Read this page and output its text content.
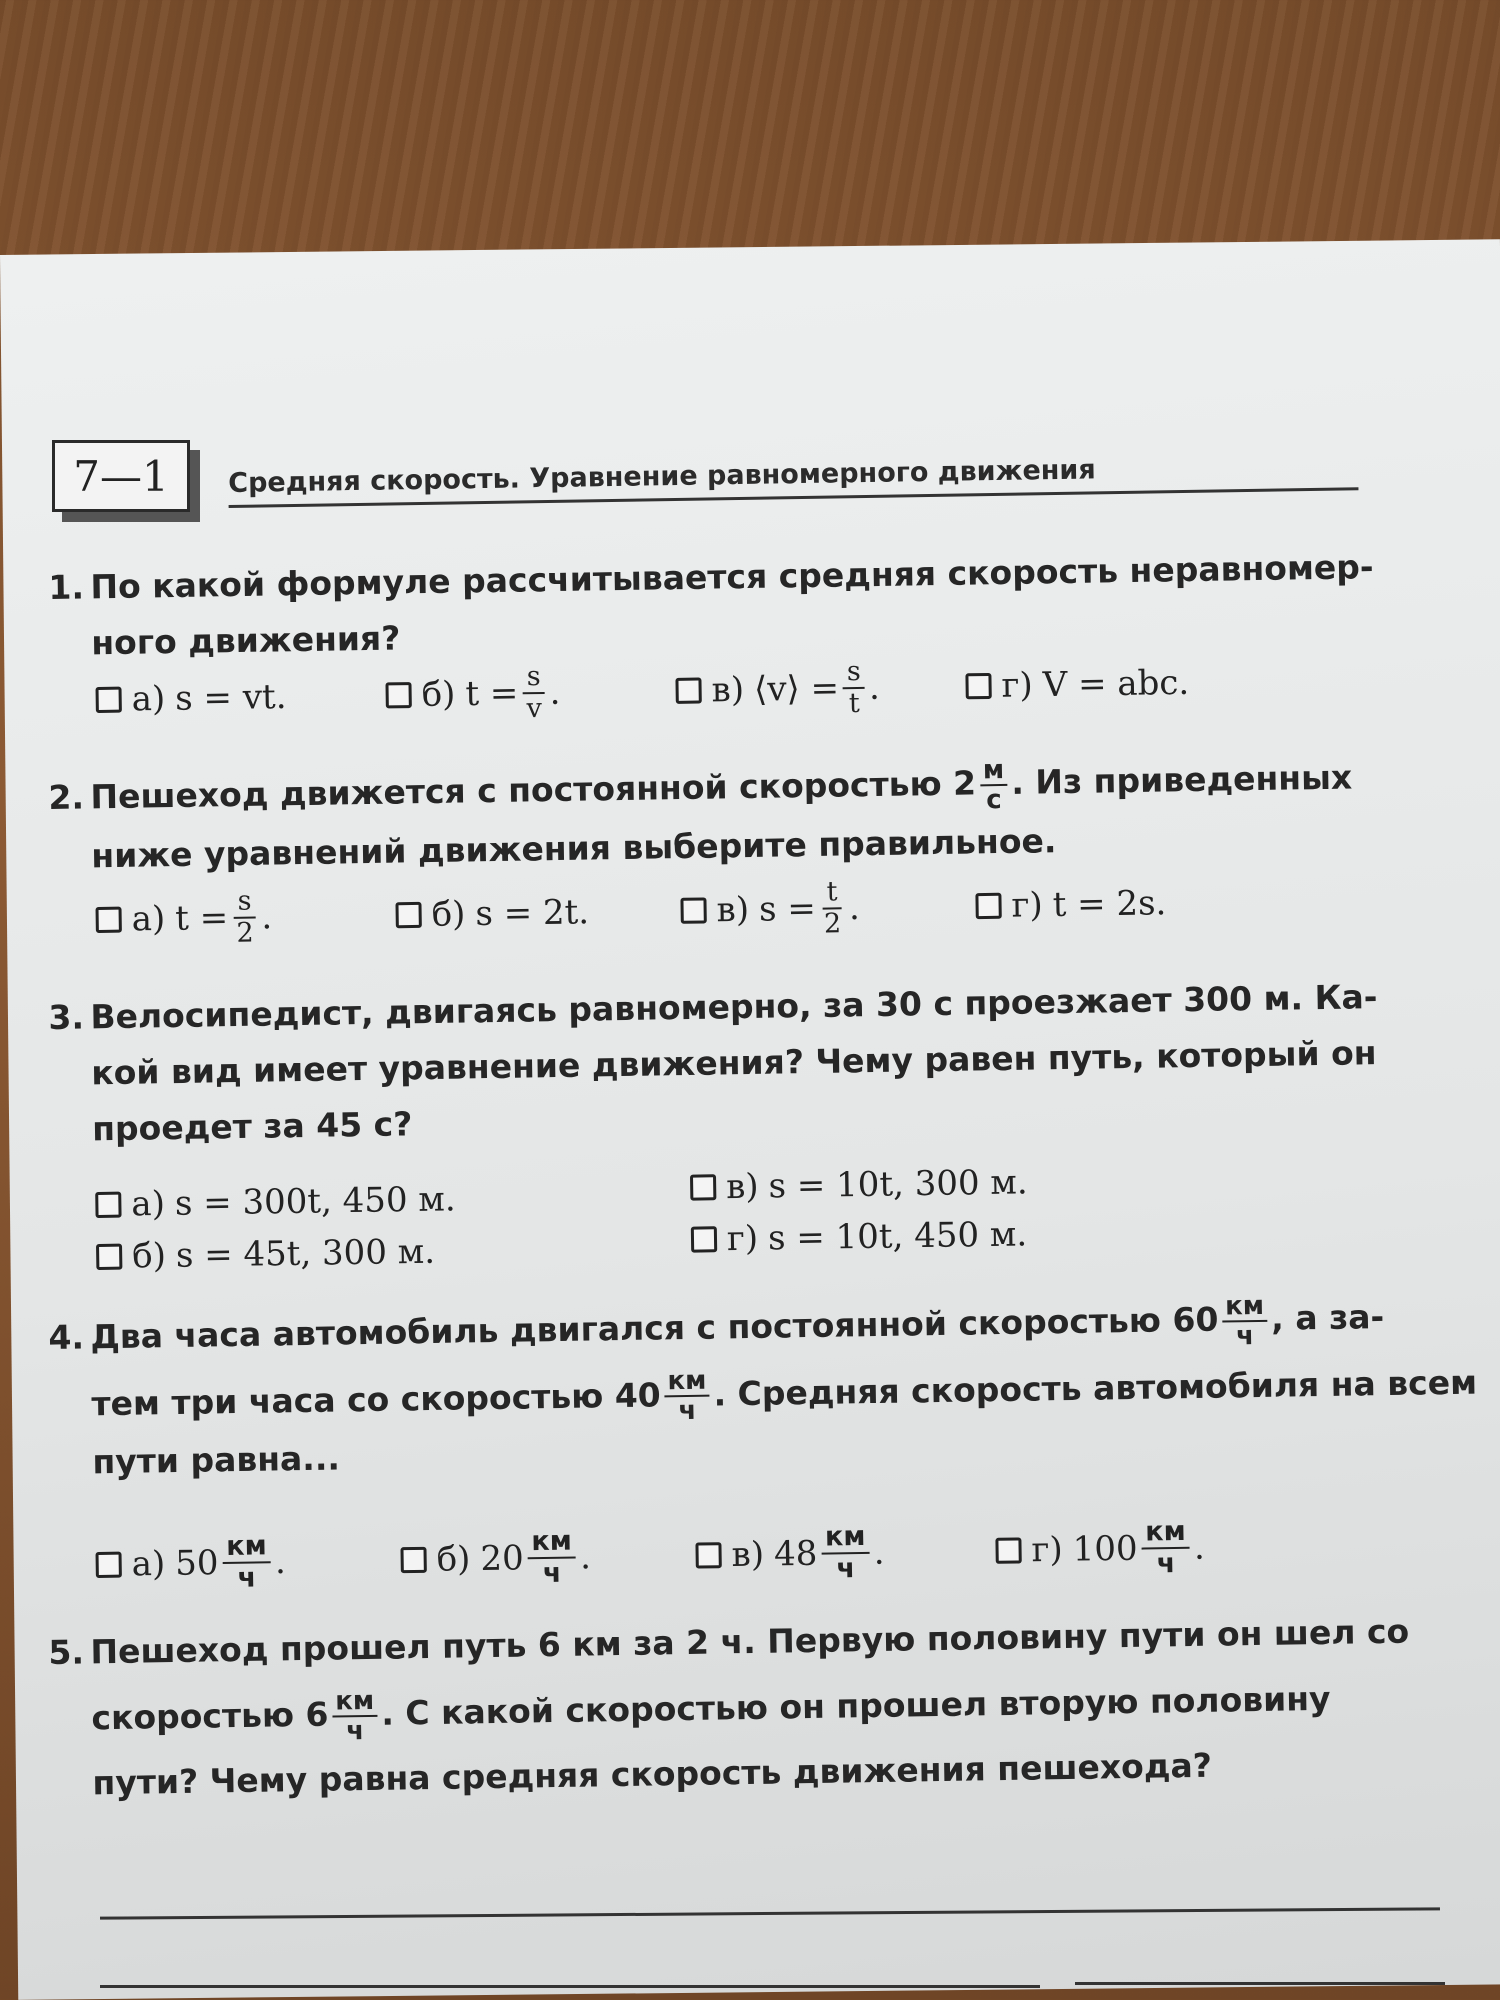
7—1	Средняя скорость. Уравнение равномерного движения
1. По какой формуле рассчитывается средняя скорость неравномер-
ного движения?
а) s = vt.	б) $t = \frac{s}{v}$ .	в) ⟨v⟩ = $\frac{s}{t}$ .	г) V = abc.
2. Пешеход движется с постоянной скоростью 2 м
с . Из приведенных
ниже уравнений движения выберите правильное.
а) $t = \frac{s}{2}$ .	б) s = 2t.	в) $s = \frac{t}{2}$ .	г) t = 2s.
3. Велосипедист, двигаясь равномерно, за 30 с проезжает 300 м. Ка-
кой вид имеет уравнение движения? Чему равен путь, который он
проедет за 45 с?
а) s = 300t, 450 м.
б) s = 45t, 300 м.
в) s = 10t, 300 м.
г) s = 10t, 450 м.
4. Два часа автомобиль двигался с постоянной скоростью 60 км
ч , а за-
тем три часа со скоростью 40 км
ч . Средняя скорость автомобиля на всем
пути равна...
а) $50 \frac{км}{ч}$ .	б) $20 \frac{км}{ч}$ .	в) $48 \frac{км}{ч}$ .	г) $100 \frac{км}{ч}$ .
5. Пешеход прошел путь 6 км за 2 ч. Первую половину пути он шел со
скоростью 6 км
ч . С какой скоростью он прошел вторую половину
пути? Чему равна средняя скорость движения пешехода?
